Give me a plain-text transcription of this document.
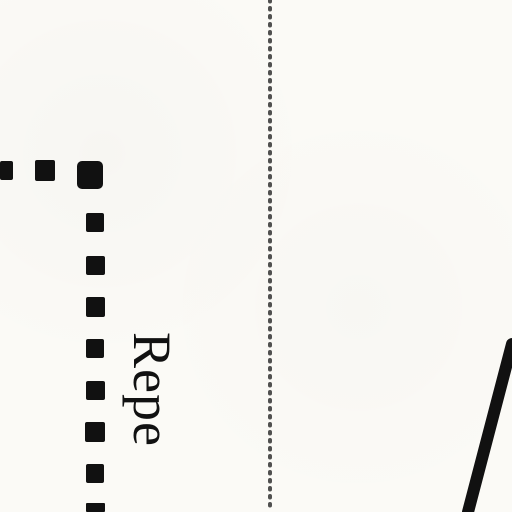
Repe
